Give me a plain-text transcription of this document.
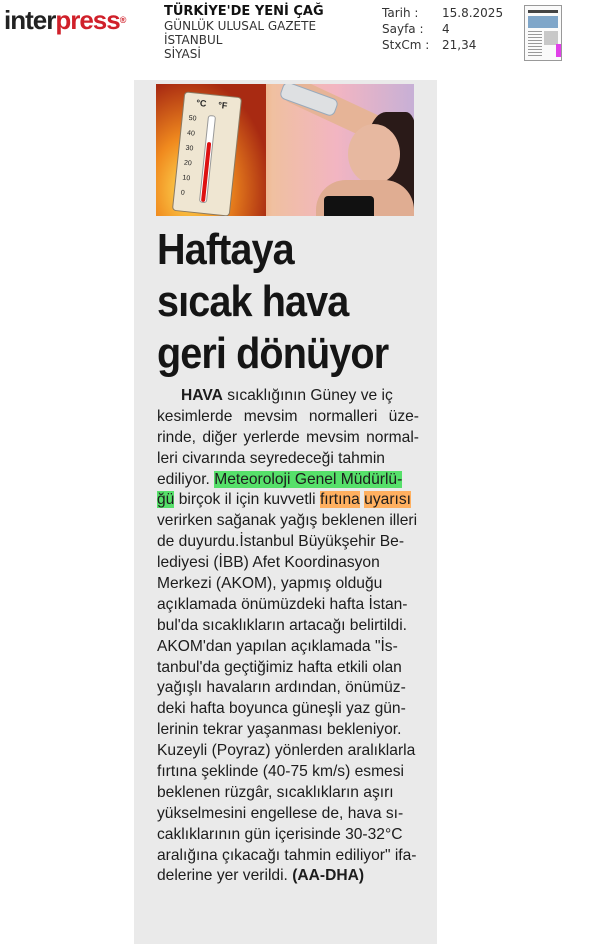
interpress®
TÜRKİYE'DE YENİ ÇAĞ
GÜNLÜK ULUSAL GAZETE
İSTANBUL
SİYASİ
Tarih :	15.8.2025
Sayfa :	4
StxCm :	21,34
°C °F
50
40
30
20
10
0
Haftaya
sıcak hava
geri dönüyor
HAVA sıcaklığının Güney ve iç
kesimlerde mevsim normalleri üze-
rinde, diğer yerlerde mevsim normal-
leri civarında seyredeceği tahmin
ediliyor. Meteoroloji Genel Müdürlü-
ğü birçok il için kuvvetli fırtına uyarısı
verirken sağanak yağış beklenen illeri
de duyurdu.İstanbul Büyükşehir Be-
lediyesi (İBB) Afet Koordinasyon
Merkezi (AKOM), yapmış olduğu
açıklamada önümüzdeki hafta İstan-
bul'da sıcaklıkların artacağı belirtildi.
AKOM'dan yapılan açıklamada "İs-
tanbul'da geçtiğimiz hafta etkili olan
yağışlı havaların ardından, önümüz-
deki hafta boyunca güneşli yaz gün-
lerinin tekrar yaşanması bekleniyor.
Kuzeyli (Poyraz) yönlerden aralıklarla
fırtına şeklinde (40-75 km/s) esmesi
beklenen rüzgâr, sıcaklıkların aşırı
yükselmesini engellese de, hava sı-
caklıklarının gün içerisinde 30-32°C
aralığına çıkacağı tahmin ediliyor" ifa-
delerine yer verildi. (AA-DHA)
